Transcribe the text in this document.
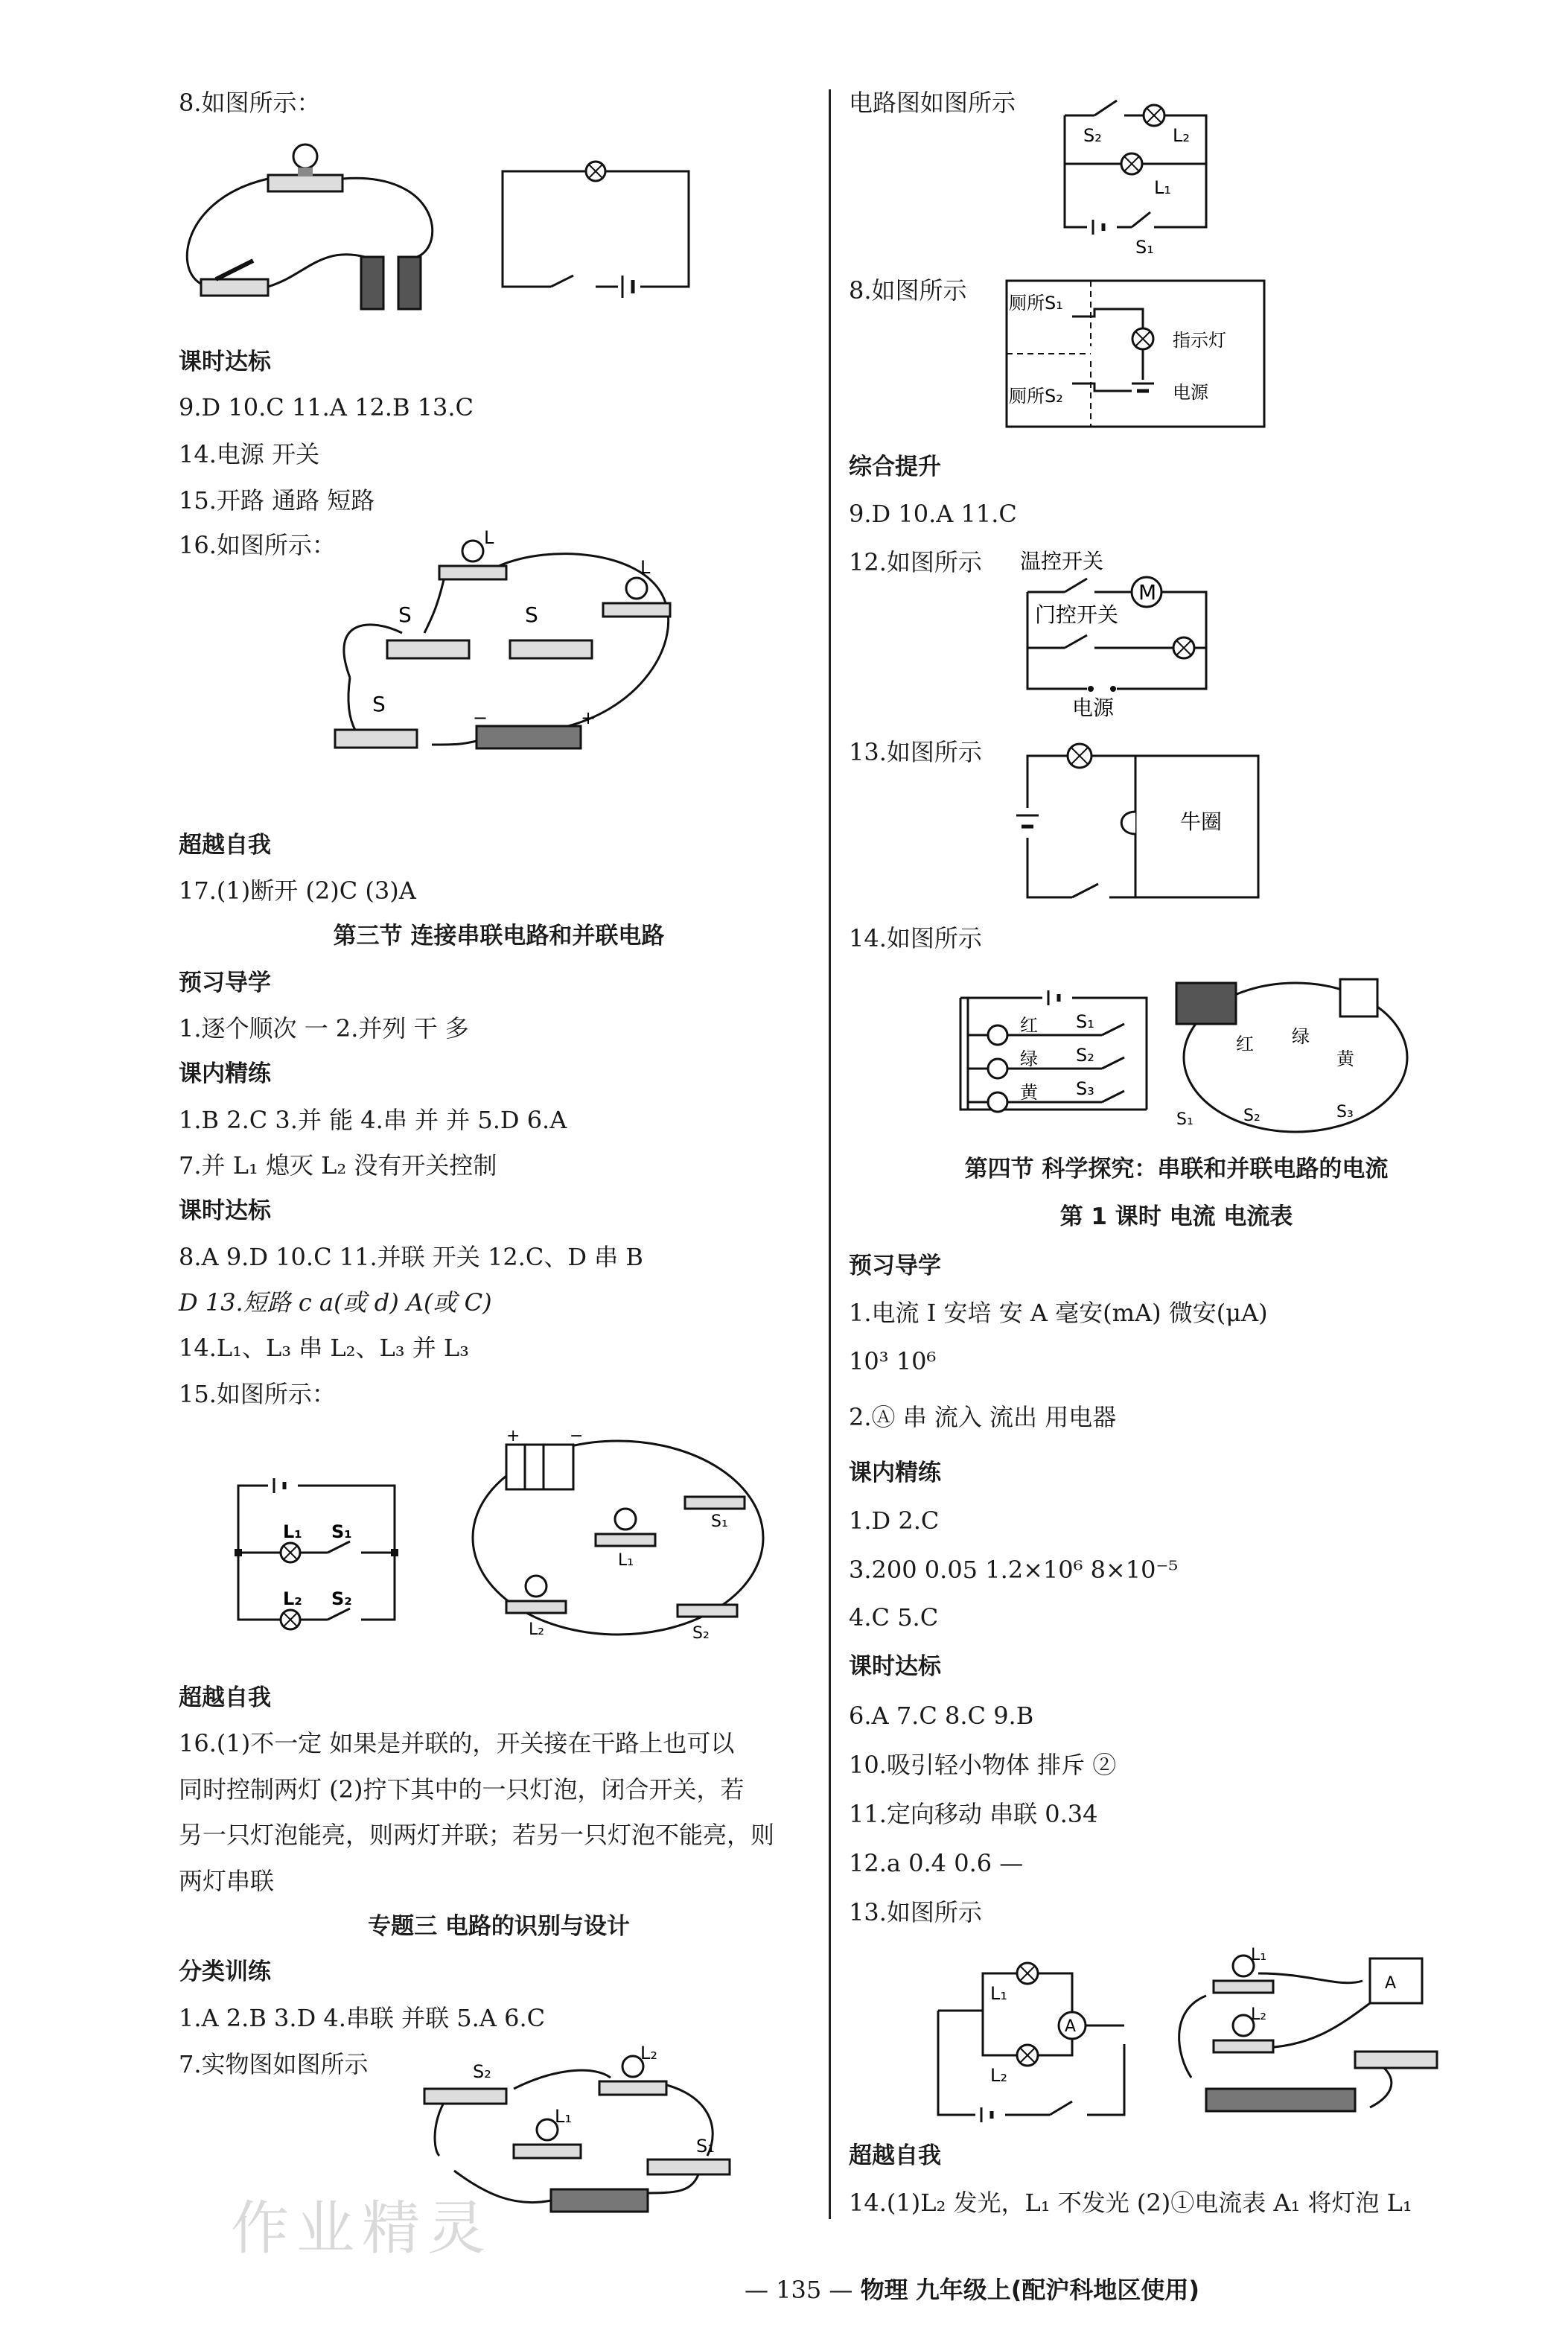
8.如图所示：
课时达标
9.D 10.C 11.A 12.B 13.C
14.电源 开关
15.开路 通路 短路
16.如图所示：	L
L
S	S
S
−	+
超越自我
17.(1)断开 (2)C (3)A
第三节 连接串联电路和并联电路
预习导学
1.逐个顺次 一 2.并列 干 多
课内精练
1.B 2.C 3.并 能 4.串 并 并 5.D 6.A
7.并 L₁ 熄灭 L₂ 没有开关控制
课时达标
8.A 9.D 10.C 11.并联 开关 12.C、D 串 B
D 13.短路 c a(或 d) A(或 C)
14.L₁、L₃ 串 L₂、L₃ 并 L₃
15.如图所示：
L₁ S₁
L₂ S₂
+	−
S₁
L₁
L₂	S₂
超越自我
16.(1)不一定 如果是并联的，开关接在干路上也可以
同时控制两灯 (2)拧下其中的一只灯泡，闭合开关，若
另一只灯泡能亮，则两灯并联；若另一只灯泡不能亮，则
两灯串联
专题三 电路的识别与设计
分类训练
1.A 2.B 3.D 4.串联 并联 5.A 6.C
7.实物图如图所示	S₂
L₂
L₁
S₁
电路图如图所示
S₂	L₂
L₁
S₁
8.如图所示 厕所S₁
厕所S₂
指示灯
电源
综合提升
9.D 10.A 11.C
12.如图所示 温控开关
M
门控开关
电源
13.如图所示
牛圈
14.如图所示
红 S₁
绿 S₂
黄 S₃
红 绿
黄
S₁	S₂	S₃
第四节 科学探究：串联和并联电路的电流
第 1 课时 电流 电流表
预习导学
1.电流 I 安培 安 A 毫安(mA) 微安(μA)
10³ 10⁶
2.Ⓐ 串 流入 流出 用电器
课内精练
1.D 2.C
3.200 0.05 1.2×10⁶ 8×10⁻⁵
4.C 5.C
课时达标
6.A 7.C 8.C 9.B
10.吸引轻小物体 排斥 ②
11.定向移动 串联 0.34
12.a 0.4 0.6 —
13.如图所示
L₁
L₂
A
L₁
L₂
A
超越自我
14.(1)L₂ 发光，L₁ 不发光 (2)①电流表 A₁ 将灯泡 L₁
作业精灵
— 135 — 物理 九年级上(配沪科地区使用)
